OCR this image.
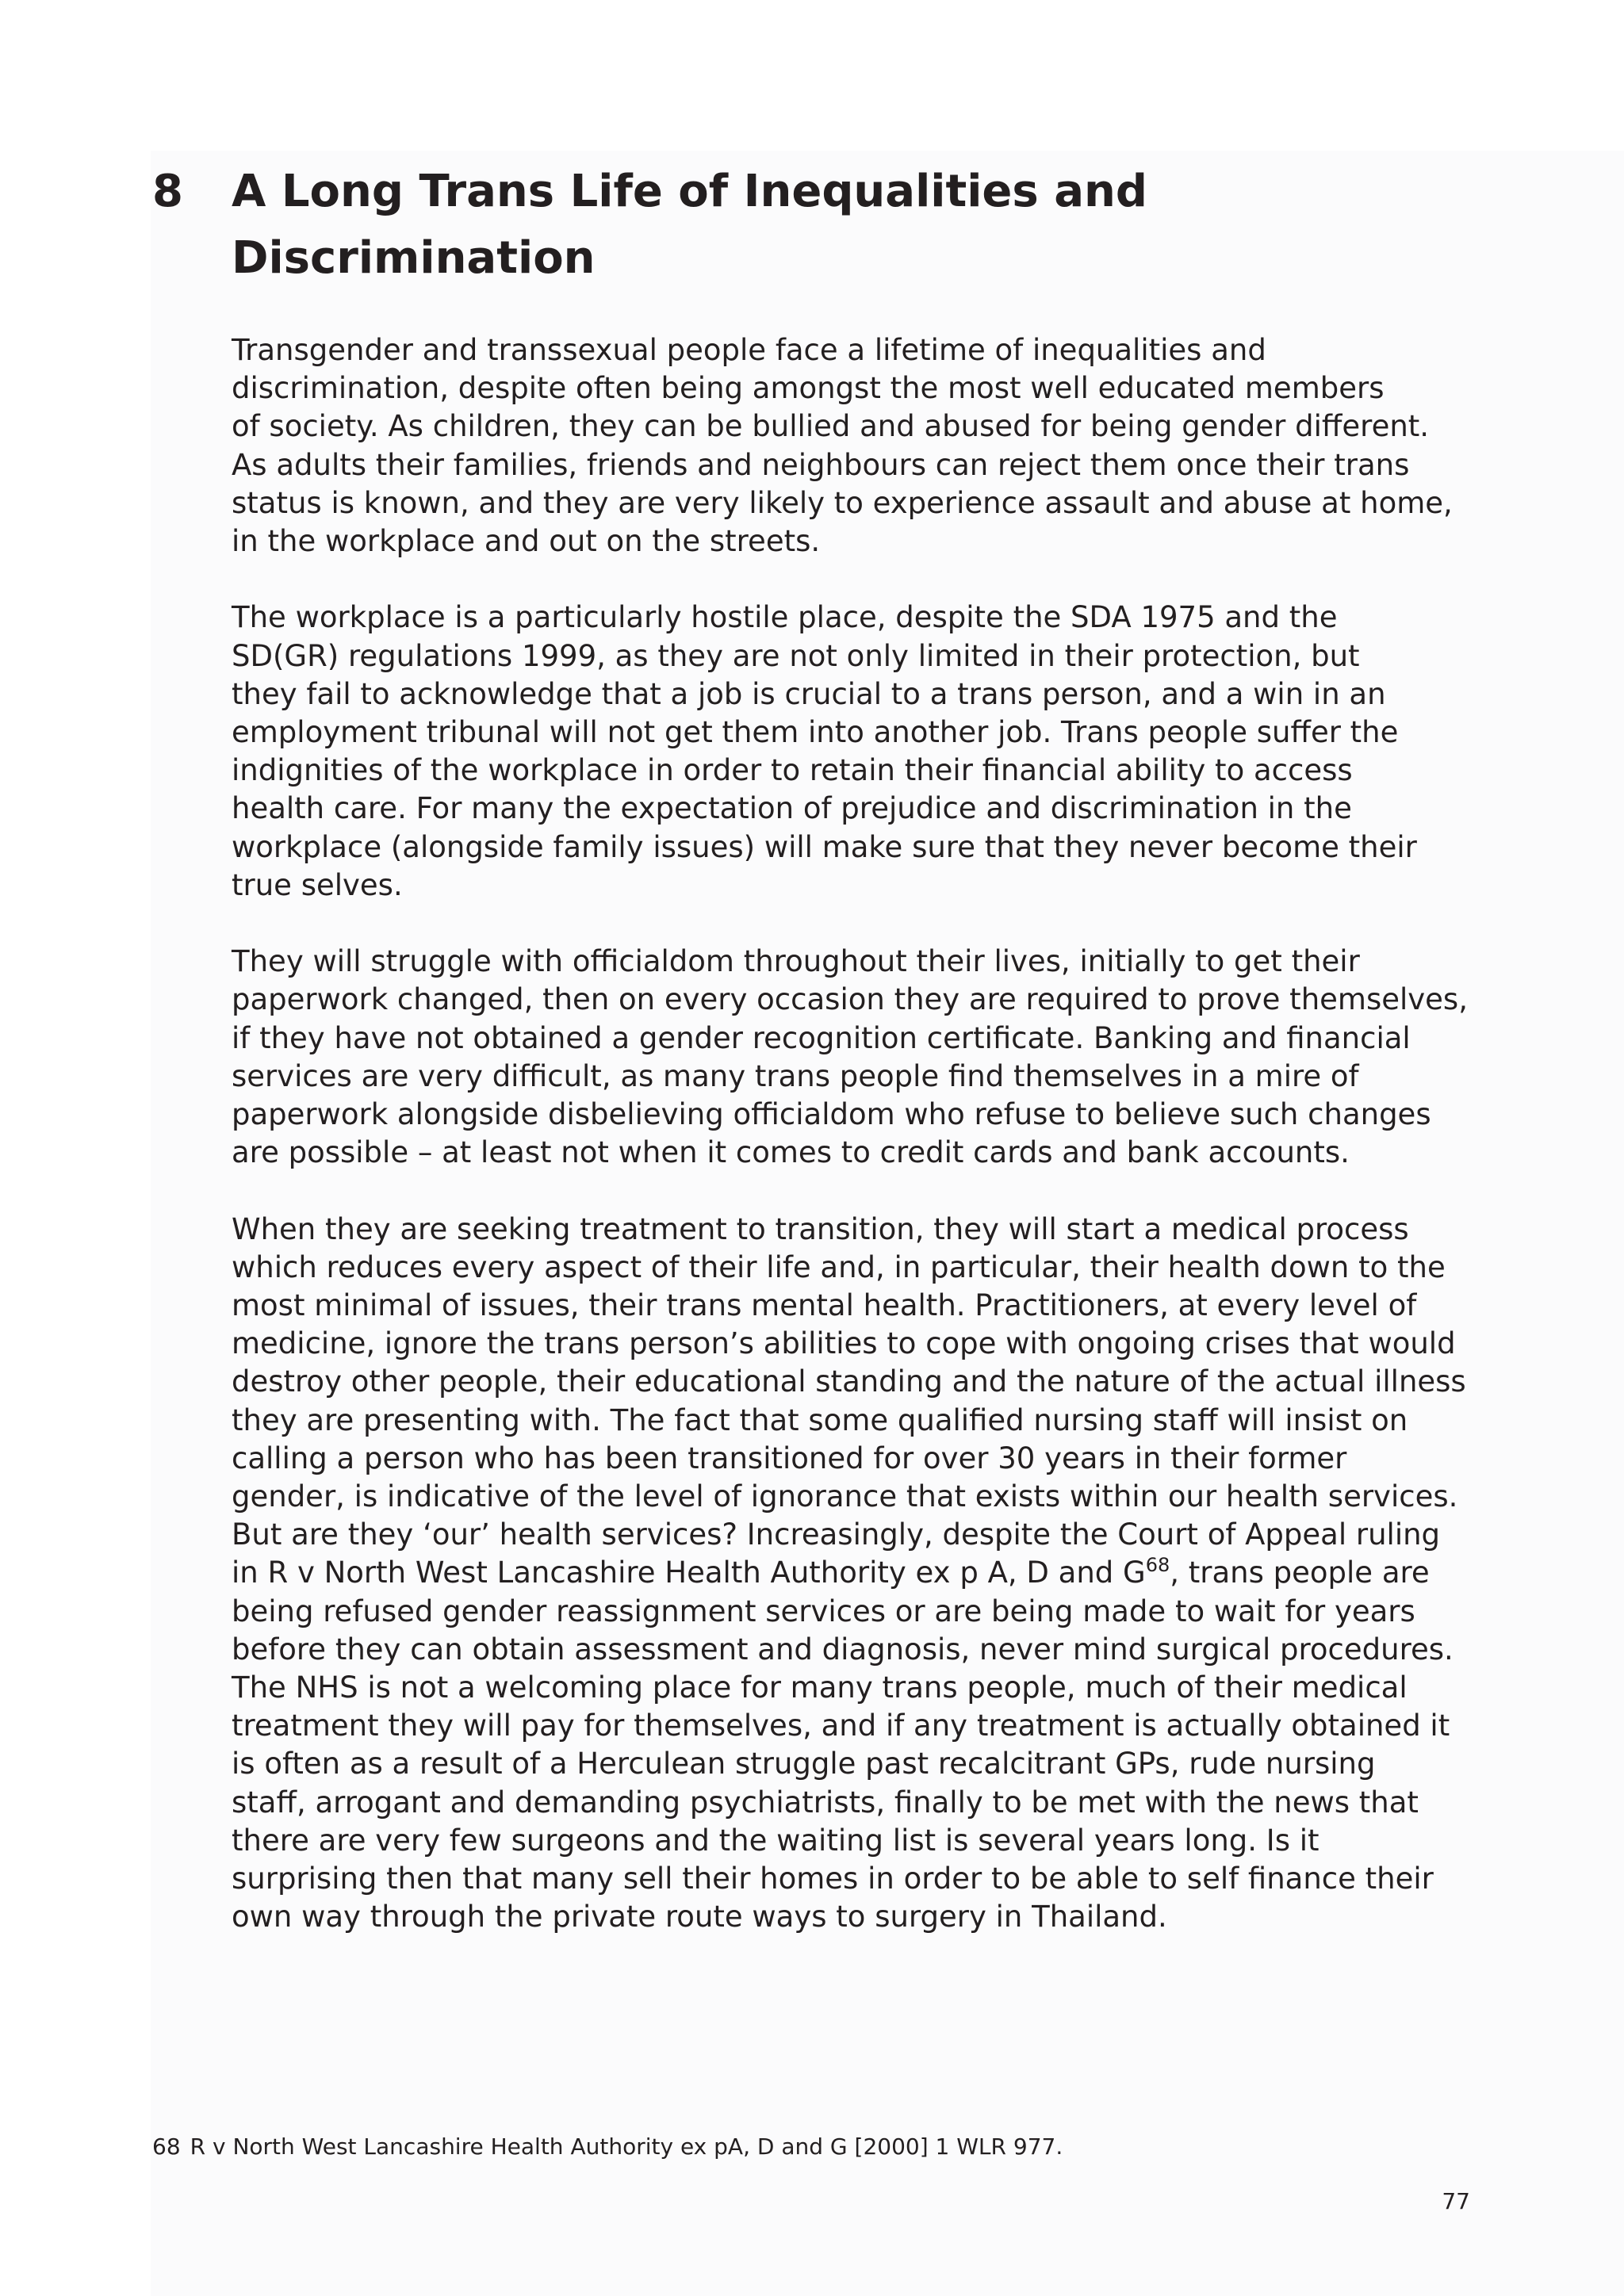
8 A Long Trans Life of Inequalities and
Discrimination
Transgender and transsexual people face a lifetime of inequalities and
discrimination, despite often being amongst the most well educated members
of society. As children, they can be bullied and abused for being gender different.
As adults their families, friends and neighbours can reject them once their trans
status is known, and they are very likely to experience assault and abuse at home,
in the workplace and out on the streets.
The workplace is a particularly hostile place, despite the SDA 1975 and the
SD(GR) regulations 1999, as they are not only limited in their protection, but
they fail to acknowledge that a job is crucial to a trans person, and a win in an
employment tribunal will not get them into another job. Trans people suffer the
indignities of the workplace in order to retain their financial ability to access
health care. For many the expectation of prejudice and discrimination in the
workplace (alongside family issues) will make sure that they never become their
true selves.
They will struggle with officialdom throughout their lives, initially to get their
paperwork changed, then on every occasion they are required to prove themselves,
if they have not obtained a gender recognition certificate. Banking and financial
services are very difficult, as many trans people find themselves in a mire of
paperwork alongside disbelieving officialdom who refuse to believe such changes
are possible – at least not when it comes to credit cards and bank accounts.
When they are seeking treatment to transition, they will start a medical process
which reduces every aspect of their life and, in particular, their health down to the
most minimal of issues, their trans mental health. Practitioners, at every level of
medicine, ignore the trans person’s abilities to cope with ongoing crises that would
destroy other people, their educational standing and the nature of the actual illness
they are presenting with. The fact that some qualified nursing staff will insist on
calling a person who has been transitioned for over 30 years in their former
gender, is indicative of the level of ignorance that exists within our health services.
But are they ‘our’ health services? Increasingly, despite the Court of Appeal ruling
in R v North West Lancashire Health Authority ex p A, D and G$^{68}$, trans people are
being refused gender reassignment services or are being made to wait for years
before they can obtain assessment and diagnosis, never mind surgical procedures.
The NHS is not a welcoming place for many trans people, much of their medical
treatment they will pay for themselves, and if any treatment is actually obtained it
is often as a result of a Herculean struggle past recalcitrant GPs, rude nursing
staff, arrogant and demanding psychiatrists, finally to be met with the news that
there are very few surgeons and the waiting list is several years long. Is it
surprising then that many sell their homes in order to be able to self finance their
own way through the private route ways to surgery in Thailand.
68 R v North West Lancashire Health Authority ex pA, D and G [2000] 1 WLR 977.
77
